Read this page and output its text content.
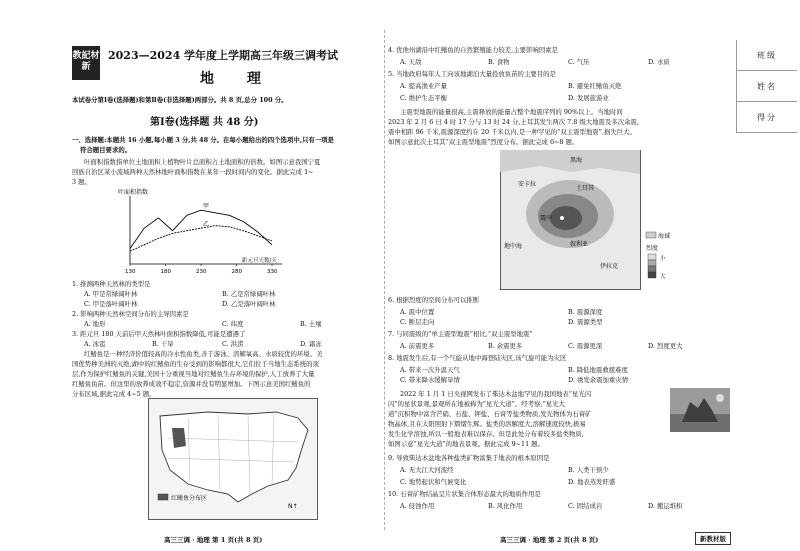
班级
姓名
得分
教記材新
2023—2024 学年度上学期高三年级三调考试
地 理
本试卷分第Ⅰ卷(选择题)和第Ⅱ卷(非选择题)两部分。共 8 页,总分 100 分。
第Ⅰ卷(选择题 共 48 分)
一、选择题:本题共 16 小题,每小题 3 分,共 48 分。在每小题给出的四个选项中,只有一项是
符合题目要求的。
叶面积指数指单位土地面积上植物叶片总面积占土地面积的倍数。如图示意我国宁夏
回族自治区某小流域两种天然林地叶面积指数在某年一段时间内的变化。据此完成 1~
3 题。
叶面积指数
130	180	230	280	330
甲
乙
距元旦天数/天
1. 推测两种天然林的类型是
A. 甲是常绿阔叶林	B. 乙是常绿阔叶林
C. 甲是落叶阔叶林	D. 乙是落叶阔叶林
2. 影响两种天然林空间分布的主导因素是
A. 地形	B. 土壤
C. 纬度
3. 距元旦 180 天前后甲天然林叶面积指数降低,可能是遭遇了
A. 冰雹	B. 干旱	C. 洪涝	D. 霜冻
红鳍鱼是一种经济价值较高的冷水性鱼类,善于游泳、溶解氧高、水质较优的环境。美
国优势种美洲的灭绝,湖中的红鳍鱼的生存受到的影响都很大,它们位于当地生态系统的顶
层,作为保护红鳍鱼的关键,美国十分重视当地对红鳍鱼生存环境的保护,人工放养了大量
红鳍鱼鱼苗。但这里的放养成效不稳定,资源并没有明显增加。下图示意美国红鳍鱼的
分布区域,据此完成 4~5 题。
红鳍鱼分布区
N↑
高三三调 · 地理 第 1 页(共 8 页)
4. 优他州湖沿中红鳍鱼的自然繁殖能力较差,主要影响因素是
A. 天敌	B. 食物	C. 气压	D. 水质
5. 当地政府每年人工向该地湖泊大量投放鱼苗的主要目的是
A. 提高渔业产量	B. 避免红鳍鱼灭绝
C. 维护生态平衡	D. 发展旅游业
主震型地震的能量很高,主震释放的能量占整个地震序列的 90%以上。当地时间
2023 年 2 月 6 日 4 时 17 分与 13 时 24 分,土耳其发生两次 7.8 级大地震及多次余震,
震中相距 96 千米,震源深度约在 20 千米以内,是一种罕见的“双主震型地震”,损失巨大。
如图示意此次土耳其“双主震型地震”烈度分布。据此完成 6~8 题。
黑海
安卡拉
土耳其
震中
叙利亚
伊拉克
地中海
海域
烈度
小
大
6. 根据烈度的空间分布可以推断
A. 震中位置	B. 震源深度
C. 断层走向	D. 震源类型
7. 与同震级的“单主震型地震”相比,“双主震型地震”
A. 前震更多	B. 余震更多	C. 震源更深	D. 烈度更大
8. 地震发生后,有一个气旋从地中海登陆灾区,该气旋可能为灾区
A. 带来一次升温天气	B. 降低地震救援难度
C. 带来降水缓解旱情	D. 诱发余震加重灾情
2022 年 1 月 1 日央视网发布了柴达木盆地罕见的我国地表“星光闪
闪”的星状景观,景观所在地被称为“星光大道”。经考察,“星光大
道”沉积物中富含芒硝、石盐、钾盐、石膏等盐类物质,发光物体为石膏矿
物晶体,且在太阳照射下熠熠生辉。盐类的溶解度大,溶解速度较快,极易
发生化学溶蚀,所以一般地表难以保存。但是此处分布着较多盐类物质,
如图示意“星光大道”的地表景观。据此完成 9~11 题。
9. 导致柴达木盆地各种盐类矿物富集于地表的根本原因是
A. 无大江大河流经	B. 人类干预少
C. 地势起伏和气候变化	D. 地表蒸发旺盛
10. 石膏矿物结晶呈片状集合体形态最大的地质作用是
A. 侵蚀作用	B. 风化作用	C. 固结成岩	D. 搬运堆积
高三三调 · 地理 第 2 页(共 8 页)	新教材版
